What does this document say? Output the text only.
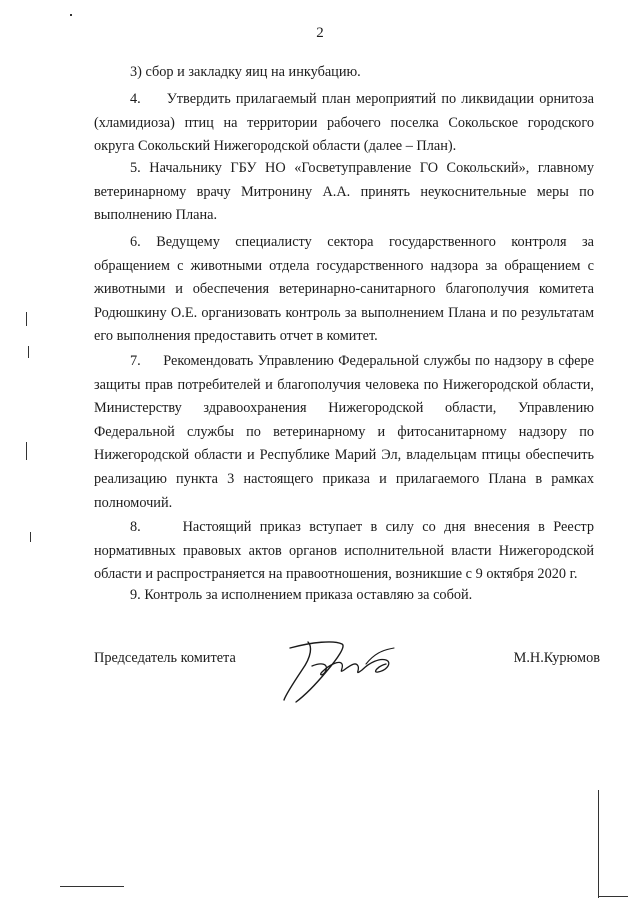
2

3) сбор и закладку яиц на инкубацию.

4. Утвердить прилагаемый план мероприятий по ликвидации орнитоза (хламидиоза) птиц на территории рабочего поселка Сокольское городского округа Сокольский Нижегородской области (далее – План).

5. Начальнику ГБУ НО «Госветуправление ГО Сокольский», главному ветеринарному врачу Митронину А.А. принять неукоснительные меры по выполнению Плана.

6. Ведущему специалисту сектора государственного контроля за обращением с животными отдела государственного надзора за обращением с животными и обеспечения ветеринарно-санитарного благополучия комитета Родюшкину О.Е. организовать контроль за выполнением Плана и по результатам его выполнения предоставить отчет в комитет.

7. Рекомендовать Управлению Федеральной службы по надзору в сфере защиты прав потребителей и благополучия человека по Нижегородской области, Министерству здравоохранения Нижегородской области, Управлению Федеральной службы по ветеринарному и фитосанитарному надзору по Нижегородской области и Республике Марий Эл, владельцам птицы обеспечить реализацию пункта 3 настоящего приказа и прилагаемого Плана в рамках полномочий.

8.	Настоящий приказ вступает в силу со дня внесения в Реестр нормативных правовых актов органов исполнительной власти Нижегородской области и распространяется на правоотношения, возникшие с 9 октября 2020 г.

9. Контроль за исполнением приказа оставляю за собой.

Председатель комитета	М.Н.Курюмов
